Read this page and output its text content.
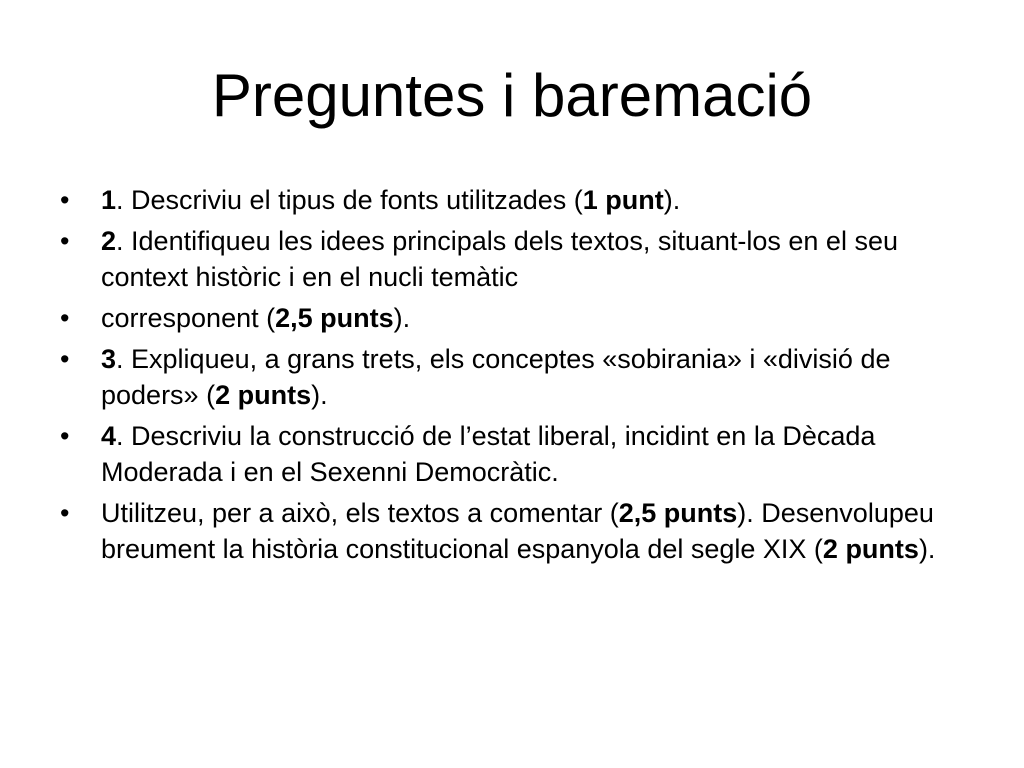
Preguntes i baremació
•	1. Descriviu el tipus de fonts utilitzades (1 punt).
•	2. Identifiqueu les idees principals dels textos, situant-los en el seu context històric i en el nucli temàtic
•	corresponent (2,5 punts).
•	3. Expliqueu, a grans trets, els conceptes «sobirania» i «divisió de poders» (2 punts).
•	4. Descriviu la construcció de l’estat liberal, incidint en la Dècada Moderada i en el Sexenni Democràtic.
•	Utilitzeu, per a això, els textos a comentar (2,5 punts). Desenvolupeu breument la història constitucional espanyola del segle XIX (2 punts).
